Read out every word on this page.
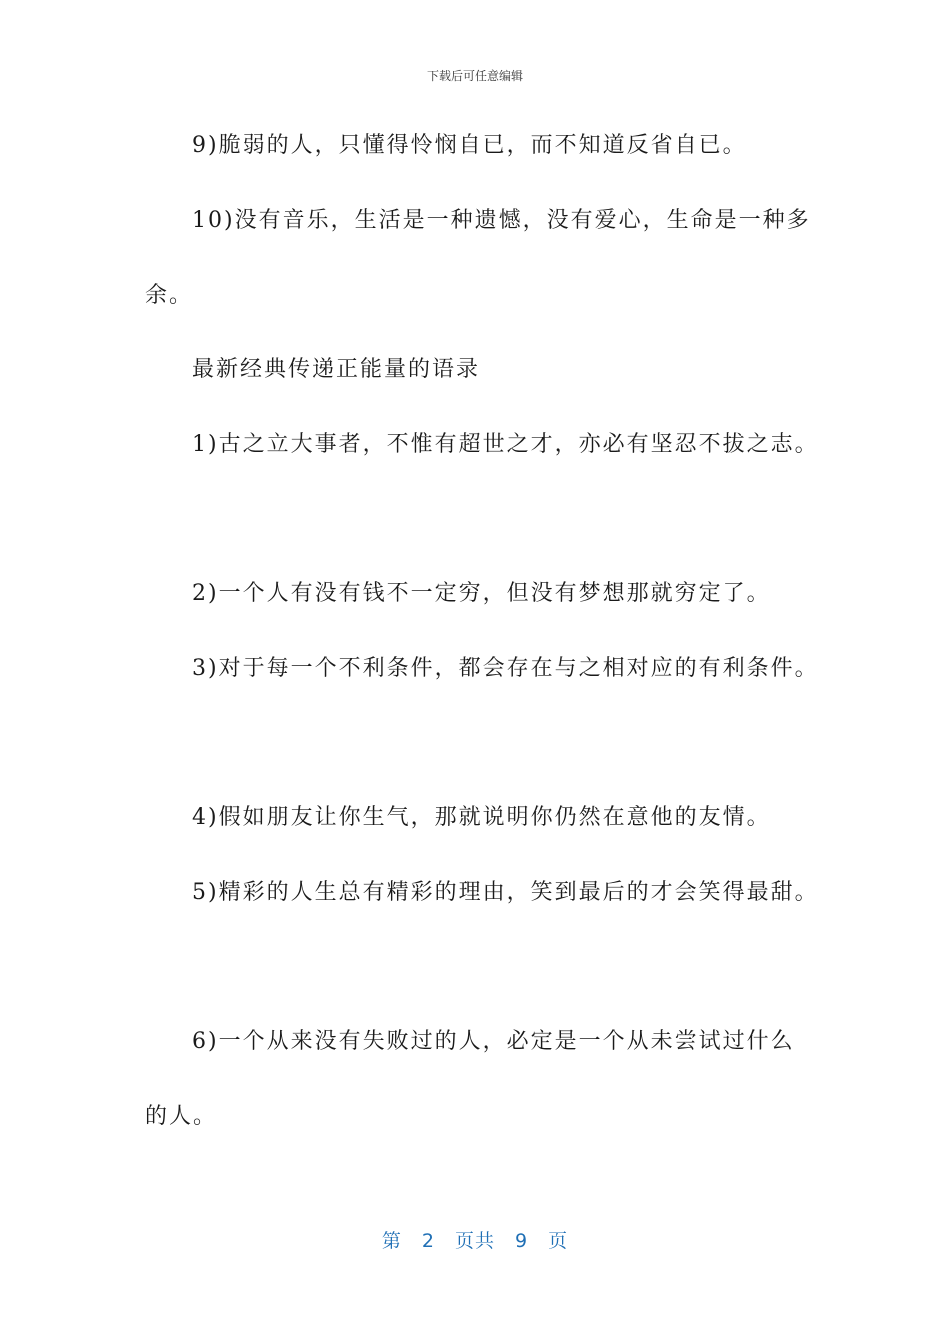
下载后可任意编辑
9)脆弱的人，只懂得怜悯自已，而不知道反省自已。
10)没有音乐，生活是一种遗憾，没有爱心，生命是一种多
余。
最新经典传递正能量的语录
1)古之立大事者，不惟有超世之才，亦必有坚忍不拔之志。
2)一个人有没有钱不一定穷，但没有梦想那就穷定了。
3)对于每一个不利条件，都会存在与之相对应的有利条件。
4)假如朋友让你生气，那就说明你仍然在意他的友情。
5)精彩的人生总有精彩的理由，笑到最后的才会笑得最甜。
6)一个从来没有失败过的人，必定是一个从未尝试过什么
的人。
第 2 页共 9 页
